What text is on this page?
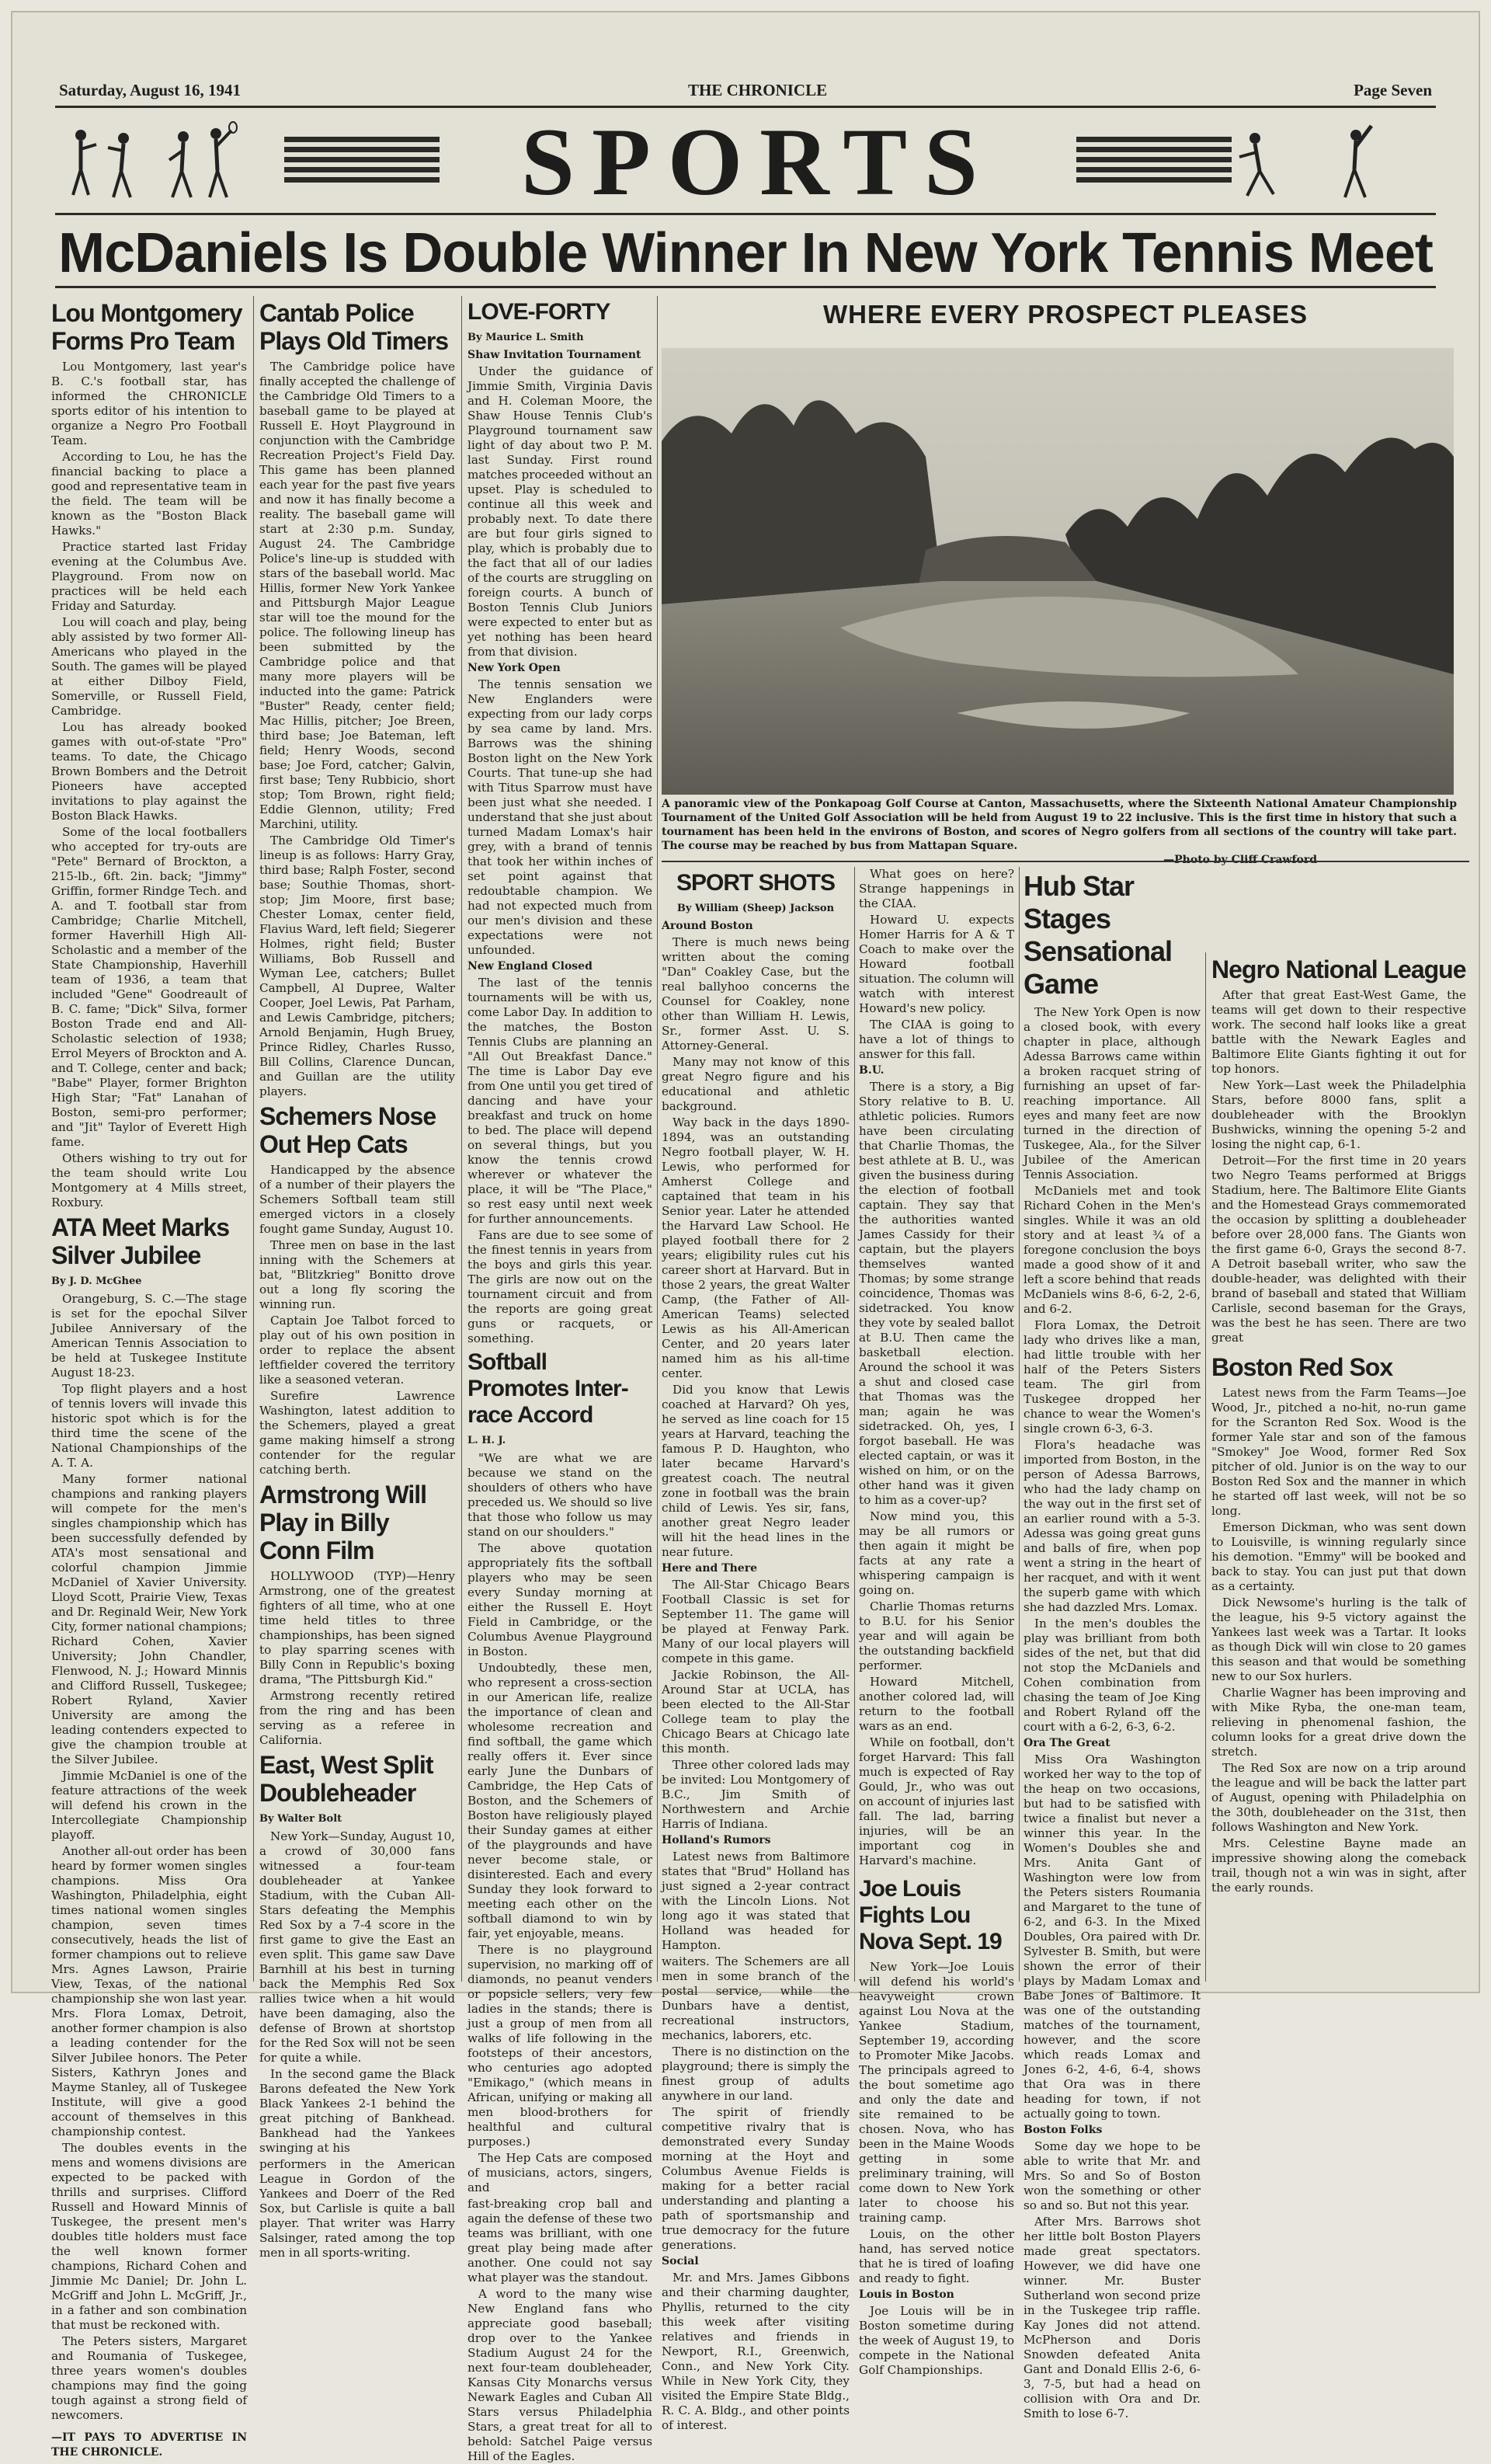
Saturday, August 16, 1941	THE CHRONICLE	Page Seven
SPORTS
McDaniels Is Double Winner In New York Tennis Meet
Lou Montgomery Forms Pro Team

Lou Montgomery, last year's B. C.'s football star, has informed the CHRONICLE sports editor of his intention to organize a Negro Pro Football Team.

According to Lou, he has the financial backing to place a good and representative team in the field. The team will be known as the "Boston Black Hawks."

Practice started last Friday evening at the Columbus Ave. Playground. From now on practices will be held each Friday and Saturday.

Lou will coach and play, being ably assisted by two former All-Americans who played in the South. The games will be played at either Dilboy Field, Somerville, or Russell Field, Cambridge.

Lou has already booked games with out-of-state "Pro" teams. To date, the Chicago Brown Bombers and the Detroit Pioneers have accepted invitations to play against the Boston Black Hawks.

Some of the local footballers who accepted for try-outs are "Pete" Bernard of Brockton, a 215-lb., 6ft. 2in. back; "Jimmy" Griffin, former Rindge Tech. and A. and T. football star from Cambridge; Charlie Mitchell, former Haverhill High All-Scholastic and a member of the State Championship, Haverhill team of 1936, a team that included "Gene" Goodreault of B. C. fame; "Dick" Silva, former Boston Trade end and All-Scholastic selection of 1938; Errol Meyers of Brockton and A. and T. College, center and back; "Babe" Player, former Brighton High Star; "Fat" Lanahan of Boston, semi-pro performer; and "Jit" Taylor of Everett High fame.

Others wishing to try out for the team should write Lou Montgomery at 4 Mills street, Roxbury.

ATA Meet Marks Silver Jubilee
By J. D. McGhee

Orangeburg, S. C.—The stage is set for the epochal Silver Jubilee Anniversary of the American Tennis Association to be held at Tuskegee Institute August 18-23.

Top flight players and a host of tennis lovers will invade this historic spot which is for the third time the scene of the National Championships of the A. T. A.

Many former national champions and ranking players will compete for the men's singles championship which has been successfully defended by ATA's most sensational and colorful champion Jimmie McDaniel of Xavier University. Lloyd Scott, Prairie View, Texas and Dr. Reginald Weir, New York City, former national champions; Richard Cohen, Xavier University; John Chandler, Flenwood, N. J.; Howard Minnis and Clifford Russell, Tuskegee; Robert Ryland, Xavier University are among the leading contenders expected to give the champion trouble at the Silver Jubilee.

Jimmie McDaniel is one of the feature attractions of the week will defend his crown in the Intercollegiate Championship playoff.

Another all-out order has been heard by former women singles champions. Miss Ora Washington, Philadelphia, eight times national women singles champion, seven times consecutively, heads the list of former champions out to relieve Mrs. Agnes Lawson, Prairie View, Texas, of the national championship she won last year. Mrs. Flora Lomax, Detroit, another former champion is also a leading contender for the Silver Jubilee honors. The Peter Sisters, Kathryn Jones and Mayme Stanley, all of Tuskegee Institute, will give a good account of themselves in this championship contest.

The doubles events in the mens and womens divisions are expected to be packed with thrills and surprises. Clifford Russell and Howard Minnis of Tuskegee, the present men's doubles title holders must face the well known former champions, Richard Cohen and Jimmie Mc Daniel; Dr. John L. McGriff and John L. McGriff, Jr., in a father and son combination that must be reckoned with.

The Peters sisters, Margaret and Roumania of Tuskegee, three years women's doubles champions may find the going tough against a strong field of newcomers.

—IT PAYS TO ADVERTISE IN THE CHRONICLE.

Cantab Police Plays Old Timers

The Cambridge police have finally accepted the challenge of the Cambridge Old Timers to a baseball game to be played at Russell E. Hoyt Playground in conjunction with the Cambridge Recreation Project's Field Day. This game has been planned each year for the past five years and now it has finally become a reality. The baseball game will start at 2:30 p.m. Sunday, August 24. The Cambridge Police's line-up is studded with stars of the baseball world. Mac Hillis, former New York Yankee and Pittsburgh Major League star will toe the mound for the police. The following lineup has been submitted by the Cambridge police and that many more players will be inducted into the game: Patrick "Buster" Ready, center field; Mac Hillis, pitcher; Joe Breen, third base; Joe Bateman, left field; Henry Woods, second base; Joe Ford, catcher; Galvin, first base; Teny Rubbicio, short stop; Tom Brown, right field; Eddie Glennon, utility; Fred Marchini, utility.

The Cambridge Old Timer's lineup is as follows: Harry Gray, third base; Ralph Foster, second base; Southie Thomas, short-stop; Jim Moore, first base; Chester Lomax, center field, Flavius Ward, left field; Siegerer Holmes, right field; Buster Williams, Bob Russell and Wyman Lee, catchers; Bullet Campbell, Al Dupree, Walter Cooper, Joel Lewis, Pat Parham, and Lewis Cambridge, pitchers; Arnold Benjamin, Hugh Bruey, Prince Ridley, Charles Russo, Bill Collins, Clarence Duncan, and Guillan are the utility players.

Schemers Nose Out Hep Cats

Handicapped by the absence of a number of their players the Schemers Softball team still emerged victors in a closely fought game Sunday, August 10.

Three men on base in the last inning with the Schemers at bat, "Blitzkrieg" Bonitto drove out a long fly scoring the winning run.

Captain Joe Talbot forced to play out of his own position in order to replace the absent leftfielder covered the territory like a seasoned veteran.

Surefire Lawrence Washington, latest addition to the Schemers, played a great game making himself a strong contender for the regular catching berth.

Armstrong Will Play in Billy Conn Film

HOLLYWOOD (TYP)—Henry Armstrong, one of the greatest fighters of all time, who at one time held titles to three championships, has been signed to play sparring scenes with Billy Conn in Republic's boxing drama, "The Pittsburgh Kid."

Armstrong recently retired from the ring and has been serving as a referee in California.

East, West Split Doubleheader
By Walter Bolt

New York—Sunday, August 10, a crowd of 30,000 fans witnessed a four-team doubleheader at Yankee Stadium, with the Cuban All-Stars defeating the Memphis Red Sox by a 7-4 score in the first game to give the East an even split. This game saw Dave Barnhill at his best in turning back the Memphis Red Sox rallies twice when a hit would have been damaging, also the defense of Brown at shortstop for the Red Sox will not be seen for quite a while.

In the second game the Black Barons defeated the New York Black Yankees 2-1 behind the great pitching of Bankhead. Bankhead had the Yankees swinging at his

performers in the American League in Gordon of the Yankees and Doerr of the Red Sox, but Carlisle is quite a ball player. That writer was Harry Salsinger, rated among the top men in all sports-writing.

LOVE-FORTY
By Maurice L. Smith

Shaw Invitation Tournament

Under the guidance of Jimmie Smith, Virginia Davis and H. Coleman Moore, the Shaw House Tennis Club's Playground tournament saw light of day about two P. M. last Sunday. First round matches proceeded without an upset. Play is scheduled to continue all this week and probably next. To date there are but four girls signed to play, which is probably due to the fact that all of our ladies of the courts are struggling on foreign courts. A bunch of Boston Tennis Club Juniors were expected to enter but as yet nothing has been heard from that division.

New York Open

The tennis sensation we New Englanders were expecting from our lady corps by sea came by land. Mrs. Barrows was the shining Boston light on the New York Courts. That tune-up she had with Titus Sparrow must have been just what she needed. I understand that she just about turned Madam Lomax's hair grey, with a brand of tennis that took her within inches of set point against that redoubtable champion. We had not expected much from our men's division and these expectations were not unfounded.

New England Closed

The last of the tennis tournaments will be with us, come Labor Day. In addition to the matches, the Boston Tennis Clubs are planning an "All Out Breakfast Dance." The time is Labor Day eve from One until you get tired of dancing and have your breakfast and truck on home to bed. The place will depend on several things, but you know the tennis crowd wherever or whatever the place, it will be "The Place," so rest easy until next week for further announcements.

Fans are due to see some of the finest tennis in years from the boys and girls this year. The girls are now out on the tournament circuit and from the reports are going great guns or racquets, or something.

Softball Promotes Inter-race Accord
L. H. J.

"We are what we are because we stand on the shoulders of others who have preceded us. We should so live that those who follow us may stand on our shoulders."

The above quotation appropriately fits the softball players who may be seen every Sunday morning at either the Russell E. Hoyt Field in Cambridge, or the Columbus Avenue Playground in Boston.

Undoubtedly, these men, who represent a cross-section in our American life, realize the importance of clean and wholesome recreation and find softball, the game which really offers it. Ever since early June the Dunbars of Cambridge, the Hep Cats of Boston, and the Schemers of Boston have religiously played their Sunday games at either of the playgrounds and have never become stale, or disinterested. Each and every Sunday they look forward to meeting each other on the softball diamond to win by fair, yet enjoyable, means.

There is no playground supervision, no marking off of diamonds, no peanut venders or popsicle sellers, very few ladies in the stands; there is just a group of men from all walks of life following in the footsteps of their ancestors, who centuries ago adopted "Emikago," (which means in African, unifying or making all men blood-brothers for healthful and cultural purposes.)

The Hep Cats are composed of musicians, actors, singers, and

fast-breaking crop ball and again the defense of these two teams was brilliant, with one great play being made after another. One could not say what player was the standout.

A word to the many wise New England fans who appreciate good baseball; drop over to the Yankee Stadium August 24 for the next four-team doubleheader, Kansas City Monarchs versus Newark Eagles and Cuban All Stars versus Philadelphia Stars, a great treat for all to behold: Satchel Paige versus Hill of the Eagles.

WHERE EVERY PROSPECT PLEASES
A panoramic view of the Ponkapoag Golf Course at Canton, Massachusetts, where the Sixteenth National Amateur Championship Tournament of the United Golf Association will be held from August 19 to 22 inclusive. This is the first time in history that such a tournament has been held in the environs of Boston, and scores of Negro golfers from all sections of the country will take part. The course may be reached by bus from Mattapan Square.
—Photo by Cliff Crawford
SPORT SHOTS
By William (Sheep) Jackson

Around Boston

There is much news being written about the coming "Dan" Coakley Case, but the real ballyhoo concerns the Counsel for Coakley, none other than William H. Lewis, Sr., former Asst. U. S. Attorney-General.

Many may not know of this great Negro figure and his educational and athletic background.

Way back in the days 1890-1894, was an outstanding Negro football player, W. H. Lewis, who performed for Amherst College and captained that team in his Senior year. Later he attended the Harvard Law School. He played football there for 2 years; eligibility rules cut his career short at Harvard. But in those 2 years, the great Walter Camp, (the Father of All-American Teams) selected Lewis as his All-American Center, and 20 years later named him as his all-time center.

Did you know that Lewis coached at Harvard? Oh yes, he served as line coach for 15 years at Harvard, teaching the famous P. D. Haughton, who later became Harvard's greatest coach. The neutral zone in football was the brain child of Lewis. Yes sir, fans, another great Negro leader will hit the head lines in the near future.

Here and There

The All-Star Chicago Bears Football Classic is set for September 11. The game will be played at Fenway Park. Many of our local players will compete in this game.

Jackie Robinson, the All-Around Star at UCLA, has been elected to the All-Star College team to play the Chicago Bears at Chicago late this month.

Three other colored lads may be invited: Lou Montgomery of B.C., Jim Smith of Northwestern and Archie Harris of Indiana.

Holland's Rumors

Latest news from Baltimore states that "Brud" Holland has just signed a 2-year contract with the Lincoln Lions. Not long ago it was stated that Holland was headed for Hampton.

waiters. The Schemers are all men in some branch of the postal service, while the Dunbars have a dentist, recreational instructors, mechanics, laborers, etc.

There is no distinction on the playground; there is simply the finest group of adults anywhere in our land.

The spirit of friendly competitive rivalry that is demonstrated every Sunday morning at the Hoyt and Columbus Avenue Fields is making for a better racial understanding and planting a path of sportsmanship and true democracy for the future generations.

Social

Mr. and Mrs. James Gibbons and their charming daughter, Phyllis, returned to the city this week after visiting relatives and friends in Newport, R.I., Greenwich, Conn., and New York City. While in New York City, they visited the Empire State Bldg., R. C. A. Bldg., and other points of interest.

What goes on here? Strange happenings in the CIAA.

Howard U. expects Homer Harris for A & T Coach to make over the Howard football situation. The column will watch with interest Howard's new policy.

The CIAA is going to have a lot of things to answer for this fall.

B.U.

There is a story, a Big Story relative to B. U. athletic policies. Rumors have been circulating that Charlie Thomas, the best athlete at B. U., was given the business during the election of football captain. They say that the authorities wanted James Cassidy for their captain, but the players themselves wanted Thomas; by some strange coincidence, Thomas was sidetracked. You know they vote by sealed ballot at B.U. Then came the basketball election. Around the school it was a shut and closed case that Thomas was the man; again he was sidetracked. Oh, yes, I forgot baseball. He was elected captain, or was it wished on him, or on the other hand was it given to him as a cover-up?

Now mind you, this may be all rumors or then again it might be facts at any rate a whispering campaign is going on.

Charlie Thomas returns to B.U. for his Senior year and will again be the outstanding backfield performer.

Howard Mitchell, another colored lad, will return to the football wars as an end.

While on football, don't forget Harvard: This fall much is expected of Ray Gould, Jr., who was out on account of injuries last fall. The lad, barring injuries, will be an important cog in Harvard's machine.

Joe Louis Fights Lou Nova Sept. 19

New York—Joe Louis will defend his world's heavyweight crown against Lou Nova at the Yankee Stadium, September 19, according to Promoter Mike Jacobs. The principals agreed to the bout sometime ago and only the date and site remained to be chosen. Nova, who has been in the Maine Woods getting in some preliminary training, will come down to New York later to choose his training camp.

Louis, on the other hand, has served notice that he is tired of loafing and ready to fight.

Louis in Boston

Joe Louis will be in Boston sometime during the week of August 19, to compete in the National Golf Championships.

Hub Star Stages Sensational Game

The New York Open is now a closed book, with every chapter in place, although Adessa Barrows came within a broken racquet string of furnishing an upset of far-reaching importance. All eyes and many feet are now turned in the direction of Tuskegee, Ala., for the Silver Jubilee of the American Tennis Association.

McDaniels met and took Richard Cohen in the Men's singles. While it was an old story and at least ¾ of a foregone conclusion the boys made a good show of it and left a score behind that reads McDaniels wins 8-6, 6-2, 2-6, and 6-2.

Flora Lomax, the Detroit lady who drives like a man, had little trouble with her half of the Peters Sisters team. The girl from Tuskegee dropped her chance to wear the Women's single crown 6-3, 6-3.

Flora's headache was imported from Boston, in the person of Adessa Barrows, who had the lady champ on the way out in the first set of an earlier round with a 5-3. Adessa was going great guns and balls of fire, when pop went a string in the heart of her racquet, and with it went the superb game with which she had dazzled Mrs. Lomax.

In the men's doubles the play was brilliant from both sides of the net, but that did not stop the McDaniels and Cohen combination from chasing the team of Joe King and Robert Ryland off the court with a 6-2, 6-3, 6-2.

Ora The Great

Miss Ora Washington worked her way to the top of the heap on two occasions, but had to be satisfied with twice a finalist but never a winner this year. In the Women's Doubles she and Mrs. Anita Gant of Washington were low from the Peters sisters Roumania and Margaret to the tune of 6-2, and 6-3. In the Mixed Doubles, Ora paired with Dr. Sylvester B. Smith, but were shown the error of their plays by Madam Lomax and Babe Jones of Baltimore. It was one of the outstanding matches of the tournament, however, and the score which reads Lomax and Jones 6-2, 4-6, 6-4, shows that Ora was in there heading for town, if not actually going to town.

Boston Folks

Some day we hope to be able to write that Mr. and Mrs. So and So of Boston won the something or other so and so. But not this year.

After Mrs. Barrows shot her little bolt Boston Players made great spectators. However, we did have one winner. Mr. Buster Sutherland won second prize in the Tuskegee trip raffle. Kay Jones did not attend. McPherson and Doris Snowden defeated Anita Gant and Donald Ellis 2-6, 6-3, 7-5, but had a head on collision with Ora and Dr. Smith to lose 6-7.

Negro National League

After that great East-West Game, the teams will get down to their respective work. The second half looks like a great battle with the Newark Eagles and Baltimore Elite Giants fighting it out for top honors.

New York—Last week the Philadelphia Stars, before 8000 fans, split a doubleheader with the Brooklyn Bushwicks, winning the opening 5-2 and losing the night cap, 6-1.

Detroit—For the first time in 20 years two Negro Teams performed at Briggs Stadium, here. The Baltimore Elite Giants and the Homestead Grays commemorated the occasion by splitting a doubleheader before over 28,000 fans. The Giants won the first game 6-0, Grays the second 8-7. A Detroit baseball writer, who saw the double-header, was delighted with their brand of baseball and stated that William Carlisle, second baseman for the Grays, was the best he has seen. There are two great

Boston Red Sox

Latest news from the Farm Teams—Joe Wood, Jr., pitched a no-hit, no-run game for the Scranton Red Sox. Wood is the former Yale star and son of the famous "Smokey" Joe Wood, former Red Sox pitcher of old. Junior is on the way to our Boston Red Sox and the manner in which he started off last week, will not be so long.

Emerson Dickman, who was sent down to Louisville, is winning regularly since his demotion. "Emmy" will be booked and back to stay. You can just put that down as a certainty.

Dick Newsome's hurling is the talk of the league, his 9-5 victory against the Yankees last week was a Tartar. It looks as though Dick will win close to 20 games this season and that would be something new to our Sox hurlers.

Charlie Wagner has been improving and with Mike Ryba, the one-man team, relieving in phenomenal fashion, the column looks for a great drive down the stretch.

The Red Sox are now on a trip around the league and will be back the latter part of August, opening with Philadelphia on the 30th, doubleheader on the 31st, then follows Washington and New York.

Mrs. Celestine Bayne made an impressive showing along the comeback trail, though not a win was in sight, after the early rounds.
